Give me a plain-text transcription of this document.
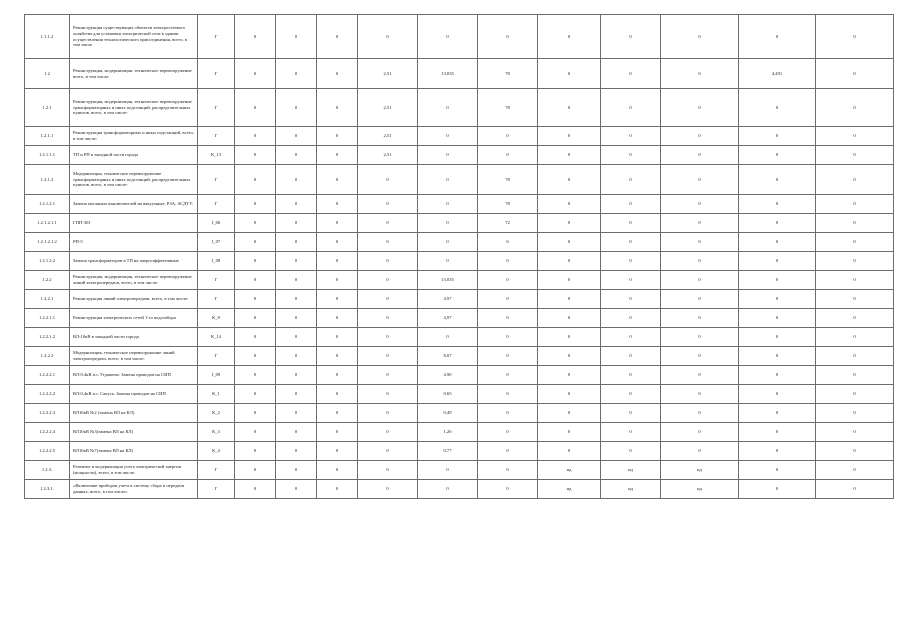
1.1.1.2	Реконструкция существующих объектов электросетевого хозяйства для установки электрической сети в здании осуществления технологического присоединения, всего, в том числе	Г	0	0	0	0	0	0	0	0	0	0	0	
1.2	Реконструкция, модернизация, техническое перевооружение всего, в том числе:	Г	0	0	0	2,51	13,035	78	0	0	0	4,491	0	
1.2.1	Реконструкция, модернизация, техническое перевооружение трансформаторных и иных подстанций, распределительных пунктов, всего, в том числе:	Г	0	0	0	2,51	0	78	0	0	0	0	0	
1.2.1.1	Реконструкция трансформаторных и иных подстанций, всего, в том числе:	Г	0	0	0	2,51	0	0	0	0	0	0	0	
1.2.1.1.1	ТП и РП в западной части города	К_13	0	0	0	2,51	0	0	0	0	0	0	0	
1.2.1.2	Модернизация, техническое перевооружение трансформаторных и иных подстанций, распределительных пунктов, всего, в том числе:	Г	0	0	0	0	0	78	0	0	0	0	0	
1.2.1.2.1	Замена масляных выключателей на вакуумные, РЗА, АСДТУ:	Г	0	0	0	0	0	78	0	0	0	0	0	
1.2.1.2.1.1	ГПП-301	I_06	0	0	0	0	0	72	0	0	0	0	0	
1.2.1.2.1.2	РП-5	I_07	0	0	0	0	0	6	0	0	0	0	0	
1.2.1.2.2	Замена трансформаторов в ТП на энергоэффективные	I_08	0	0	0	0	0	0	0	0	0	0	0	
1.2.2	Реконструкция, модернизация, техническое перевооружение линий электропередачи, всего, в том числе:	Г	0	0	0	0	13,035	0	0	0	0	0	0	
1.2.2.1	Реконструкция линий электропередачи, всего, в том числе:	Г	0	0	0	0	4,97	0	0	0	0	0	0	
1.2.2.1.1	Реконструкция электрических сетей 1-го водозабора	К_8	0	0	0	0	4,97	0	0	0	0	0	0	
1.2.2.1.2	ВЛ-10кВ в западной части города	К_14	0	0	0	0	0	0	0	0	0	0	0	
1.2.2.2	Модернизация, техническое перевооружение линий электропередачи, всего, в том числе:	Г	0	0	0	0	8,07	0	0	0	0	0	0	
1.2.2.2.1	ВЛ-0,4кВ п.г. Угдашево. Замена проводов на СИП	I_09	0	0	0	0	4,90	0	0	0	0	0	0	
1.2.2.2.2	ВЛ-0,4кВ п.г. Сапусь. Замена проводов на СИП	К_1	0	0	0	0	0,65	0	0	0	0	0	0	
1.2.2.2.3	ВЛ10кВ №2 (замена ВЛ на КЛ)	К_2	0	0	0	0	0,49	0	0	0	0	0	0	
1.2.2.2.4	ВЛ10кВ №3(замена ВЛ на КЛ)	К_3	0	0	0	0	1,26	0	0	0	0	0	0	
1.2.2.2.5	ВЛ10кВ №7(замена ВЛ на КЛ)	К_4	0	0	0	0	0,77	0	0	0	0	0	0	
1.2.3.	Развитие и модернизация учета электрической энергии (мощности), всего, в том числе:	Г	0	0	0	0	0	0	нд	нд	нд	0	0	
1.2.3.1.	«Включение приборов учета в систему сбора и передачи данных, всего, в том числе»	Г	0	0	0	0	0	0	нд	нд	нд	0	0	
